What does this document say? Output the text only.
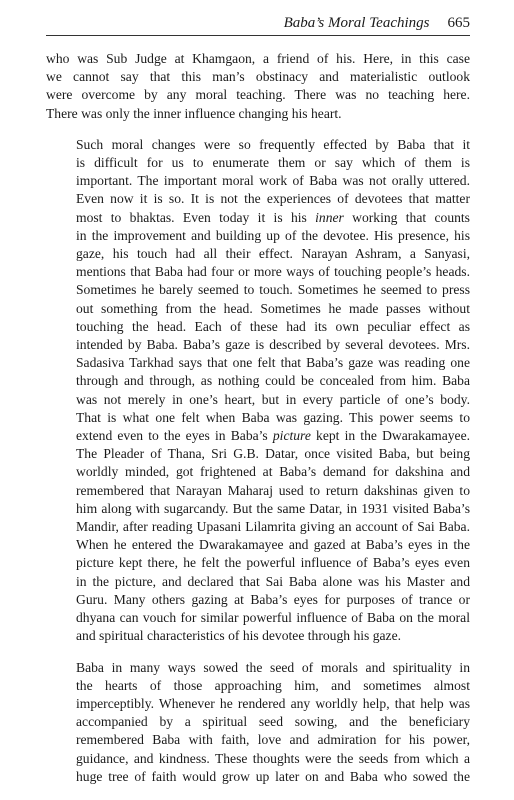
Baba’s Moral Teachings 665

who was Sub Judge at Khamgaon, a friend of his. Here, in this case
we cannot say that this man’s obstinacy and materialistic outlook
were overcome by any moral teaching. There was no teaching here.
There was only the inner influence changing his heart.

Such moral changes were so frequently effected by Baba that it
is difficult for us to enumerate them or say which of them is
important. The important moral work of Baba was not orally uttered.
Even now it is so. It is not the experiences of devotees that matter
most to bhaktas. Even today it is his inner working that counts
in the improvement and building up of the devotee. His presence, his
gaze, his touch had all their effect. Narayan Ashram, a Sanyasi,
mentions that Baba had four or more ways of touching people’s heads.
Sometimes he barely seemed to touch. Sometimes he seemed to press
out something from the head. Sometimes he made passes without
touching the head. Each of these had its own peculiar effect as
intended by Baba. Baba’s gaze is described by several devotees. Mrs.
Sadasiva Tarkhad says that one felt that Baba’s gaze was reading one
through and through, as nothing could be concealed from him. Baba
was not merely in one’s heart, but in every particle of one’s body.
That is what one felt when Baba was gazing. This power seems to
extend even to the eyes in Baba’s picture kept in the Dwarakamayee.
The Pleader of Thana, Sri G.B. Datar, once visited Baba, but being
worldly minded, got frightened at Baba’s demand for dakshina and
remembered that Narayan Maharaj used to return dakshinas given to
him along with sugarcandy. But the same Datar, in 1931 visited Baba’s
Mandir, after reading Upasani Lilamrita giving an account of Sai Baba.
When he entered the Dwarakamayee and gazed at Baba’s eyes in the
picture kept there, he felt the powerful influence of Baba’s eyes even
in the picture, and declared that Sai Baba alone was his Master and
Guru. Many others gazing at Baba’s eyes for purposes of trance or
dhyana can vouch for similar powerful influence of Baba on the moral
and spiritual characteristics of his devotee through his gaze.

Baba in many ways sowed the seed of morals and spirituality in
the hearts of those approaching him, and sometimes almost
imperceptibly. Whenever he rendered any worldly help, that help was
accompanied by a spiritual seed sowing, and the beneficiary
remembered Baba with faith, love and admiration for his power,
guidance, and kindness. These thoughts were the seeds from which a
huge tree of faith would grow up later on and Baba who sowed the
